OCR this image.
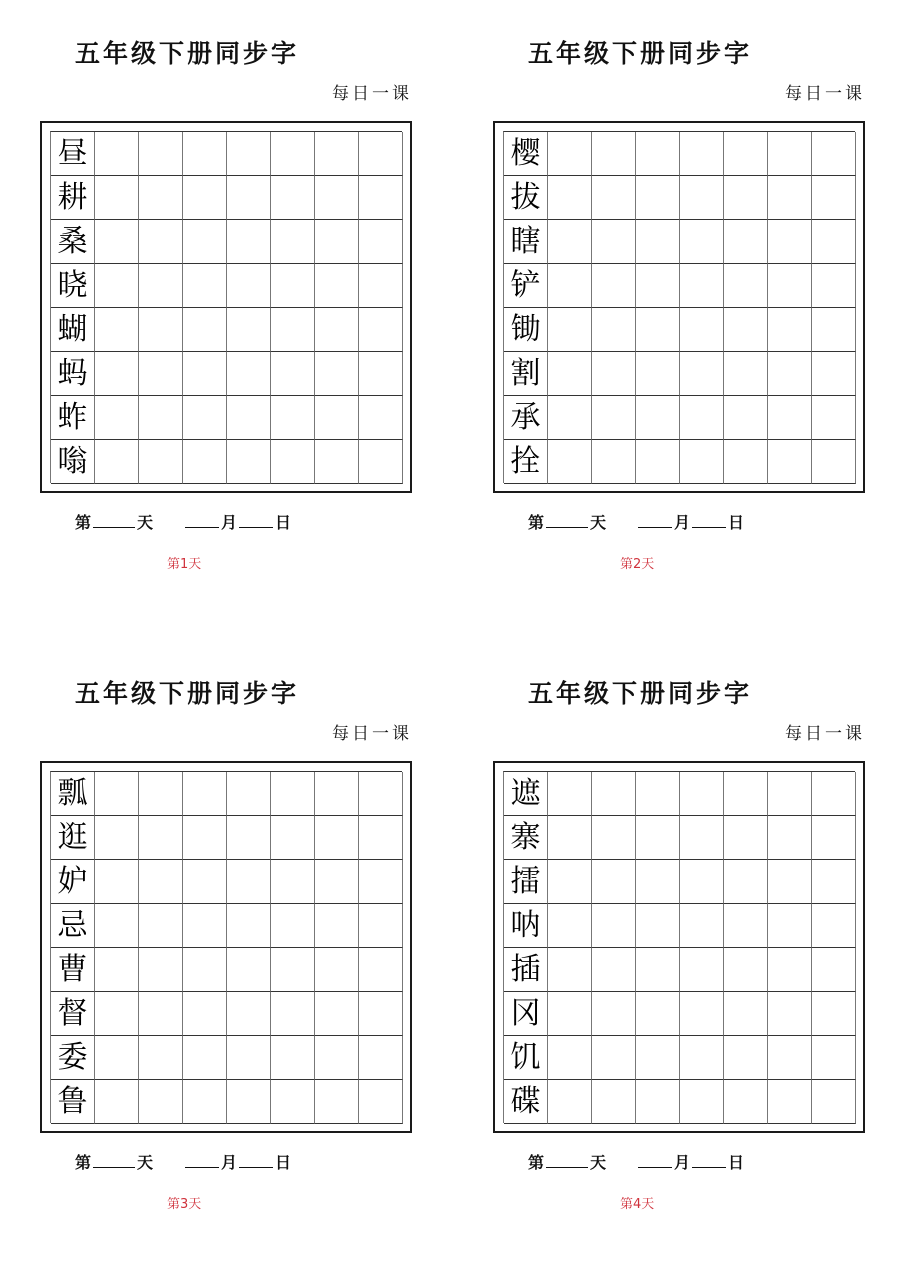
五年级下册同步字
每日一课
昼
耕
桑
晓
蝴
蚂
蚱
嗡
第	天	月 日
第1天
五年级下册同步字
每日一课
樱
拔
瞎
铲
锄
割
承
拴
第	天	月 日
第2天
五年级下册同步字
每日一课
瓢
逛
妒
忌
曹
督
委
鲁
第	天	月 日
第3天
五年级下册同步字
每日一课
遮
寨
擂
呐
插
冈
饥
碟
第	天	月 日
第4天
